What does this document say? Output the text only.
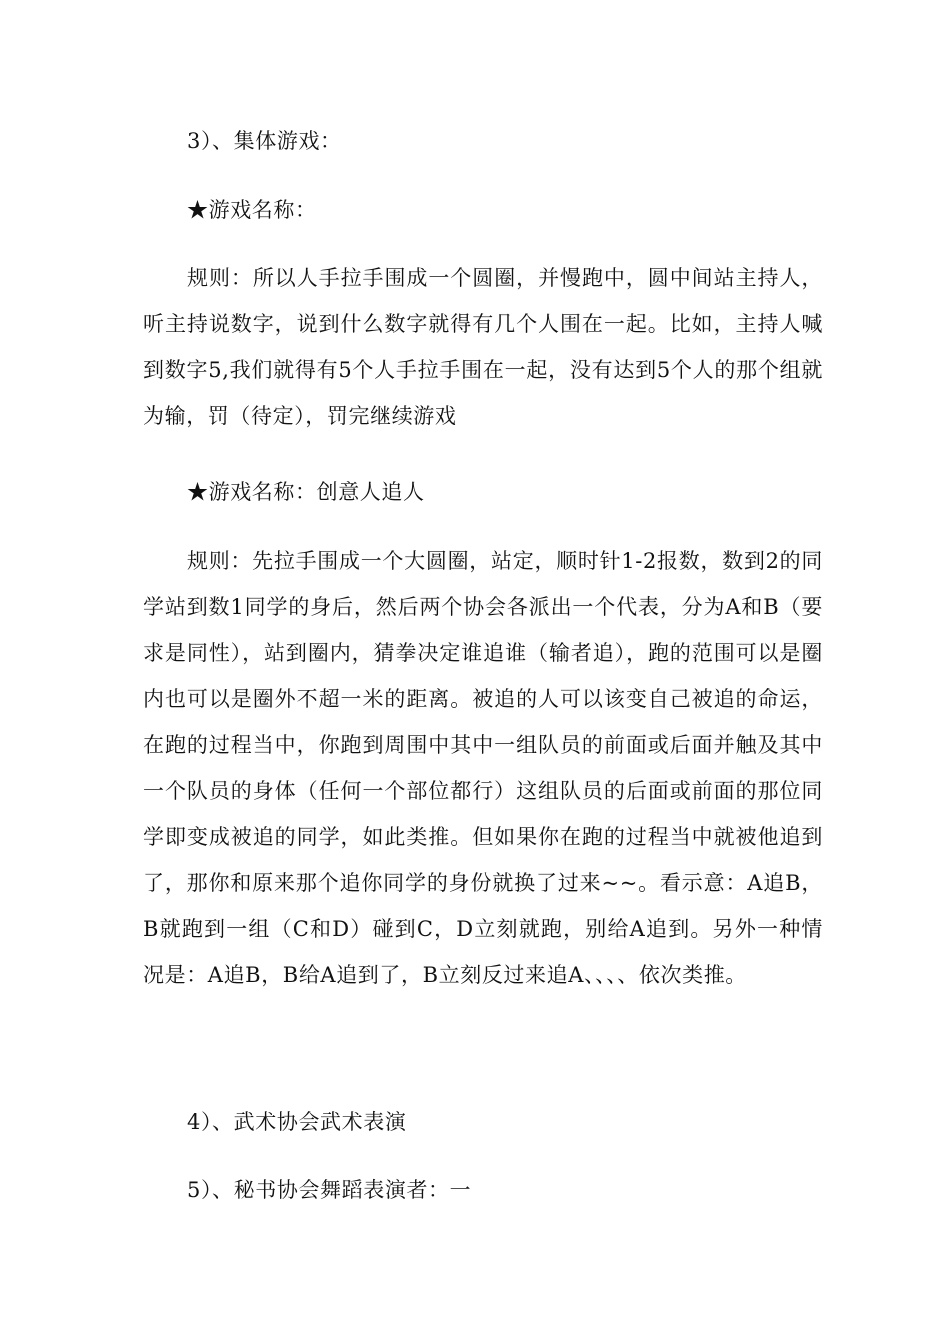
3）、集体游戏：

★游戏名称：

规则：所以人手拉手围成一个圆圈，并慢跑中，圆中间站主持人，听主持说数字，说到什么数字就得有几个人围在一起。比如，主持人喊到数字5,我们就得有5个人手拉手围在一起，没有达到5个人的那个组就为输，罚（待定），罚完继续游戏

★游戏名称：创意人追人

规则：先拉手围成一个大圆圈，站定，顺时针1-2报数，数到2的同学站到数1同学的身后，然后两个协会各派出一个代表，分为A和B（要求是同性），站到圈内，猜拳决定谁追谁（输者追），跑的范围可以是圈内也可以是圈外不超一米的距离。被追的人可以该变自己被追的命运，在跑的过程当中，你跑到周围中其中一组队员的前面或后面并触及其中一个队员的身体（任何一个部位都行）这组队员的后面或前面的那位同学即变成被追的同学，如此类推。但如果你在跑的过程当中就被他追到了，那你和原来那个追你同学的身份就换了过来~~。看示意：A追B，B就跑到一组（C和D）碰到C，D立刻就跑，别给A追到。另外一种情况是：A追B，B给A追到了，B立刻反过来追A、、、、依次类推。

4）、武术协会武术表演

5）、秘书协会舞蹈表演者：一
